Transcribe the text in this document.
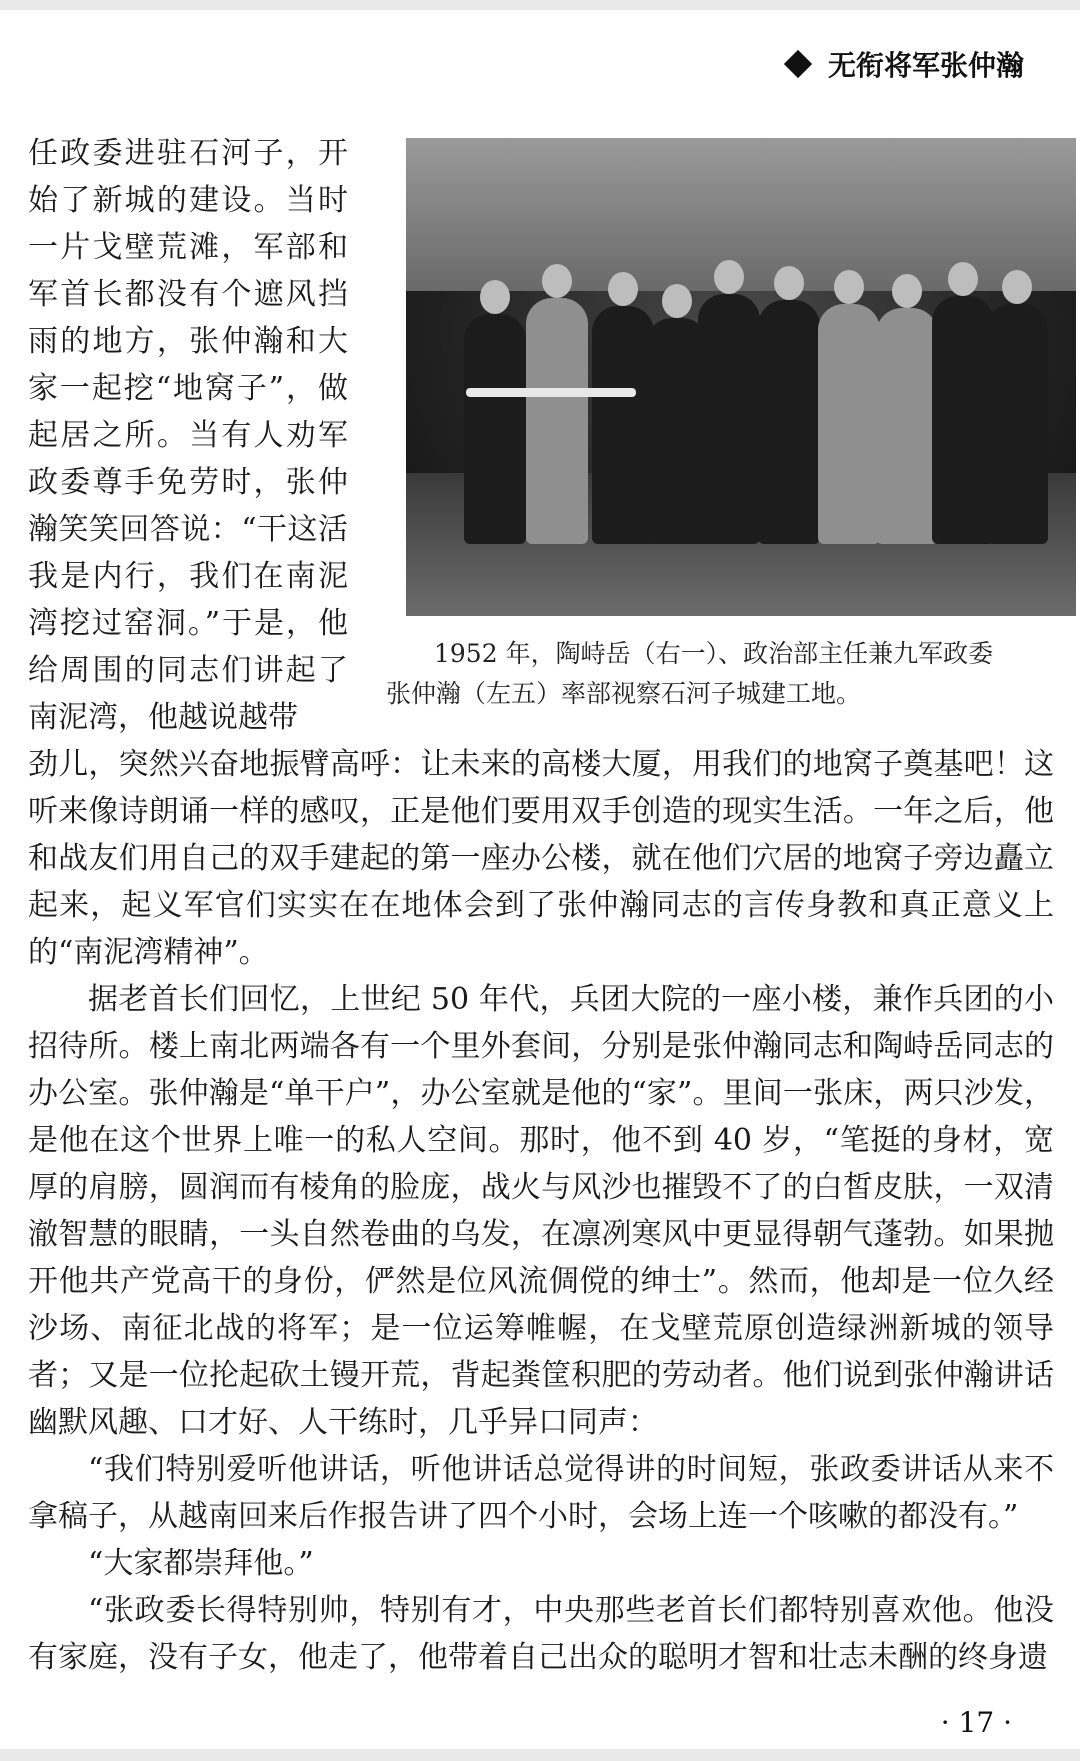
无衔将军张仲瀚
任政委进驻石河子，开始了新城的建设。当时一片戈壁荒滩，军部和军首长都没有个遮风挡雨的地方，张仲瀚和大家一起挖“地窝子”，做起居之所。当有人劝军政委尊手免劳时，张仲瀚笑笑回答说：“干这活我是内行，我们在南泥湾挖过窑洞。”于是，他给周围的同志们讲起了南泥湾，他越说越带
1952 年，陶峙岳（右一）、政治部主任兼九军政委张仲瀚（左五）率部视察石河子城建工地。

劲儿，突然兴奋地振臂高呼：让未来的高楼大厦，用我们的地窝子奠基吧！这听来像诗朗诵一样的感叹，正是他们要用双手创造的现实生活。一年之后，他和战友们用自己的双手建起的第一座办公楼，就在他们穴居的地窝子旁边矗立起来，起义军官们实实在在地体会到了张仲瀚同志的言传身教和真正意义上的“南泥湾精神”。

据老首长们回忆，上世纪 50 年代，兵团大院的一座小楼，兼作兵团的小招待所。楼上南北两端各有一个里外套间，分别是张仲瀚同志和陶峙岳同志的办公室。张仲瀚是“单干户”，办公室就是他的“家”。里间一张床，两只沙发，是他在这个世界上唯一的私人空间。那时，他不到 40 岁，“笔挺的身材，宽厚的肩膀，圆润而有棱角的脸庞，战火与风沙也摧毁不了的白皙皮肤，一双清澈智慧的眼睛，一头自然卷曲的乌发，在凛冽寒风中更显得朝气蓬勃。如果抛开他共产党高干的身份，俨然是位风流倜傥的绅士”。然而，他却是一位久经沙场、南征北战的将军；是一位运筹帷幄，在戈壁荒原创造绿洲新城的领导者；又是一位抡起砍土镘开荒，背起粪筐积肥的劳动者。他们说到张仲瀚讲话幽默风趣、口才好、人干练时，几乎异口同声：

“我们特别爱听他讲话，听他讲话总觉得讲的时间短，张政委讲话从来不拿稿子，从越南回来后作报告讲了四个小时，会场上连一个咳嗽的都没有。”

“大家都崇拜他。”

“张政委长得特别帅，特别有才，中央那些老首长们都特别喜欢他。他没有家庭，没有子女，他走了，他带着自己出众的聪明才智和壮志未酬的终身遗

· 17 ·
